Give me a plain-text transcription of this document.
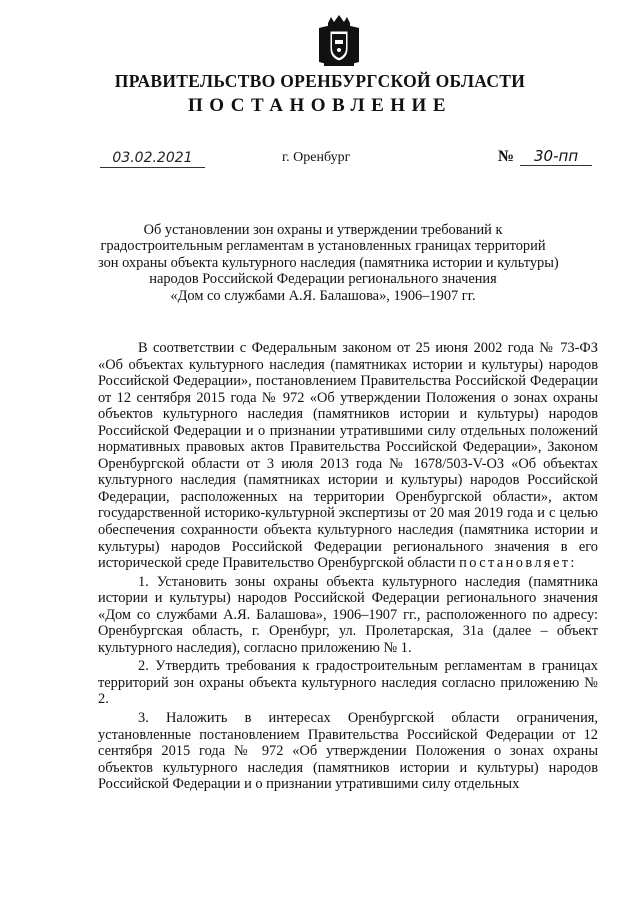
ПРАВИТЕЛЬСТВО ОРЕНБУРГСКОЙ ОБЛАСТИ
ПОСТАНОВЛЕНИЕ
03.02.2021	г. Оренбург	№ 30-пп
Об установлении зон охраны и утверждении требований к
градостроительным регламентам в установленных границах территорий
зон охраны объекта культурного наследия (памятника истории и культуры)
народов Российской Федерации регионального значения
«Дом со службами А.Я. Балашова», 1906–1907 гг.

В соответствии с Федеральным законом от 25 июня 2002 года № 73-ФЗ «Об объектах культурного наследия (памятниках истории и культуры) народов Российской Федерации», постановлением Правительства Российской Федерации от 12 сентября 2015 года № 972 «Об утверждении Положения о зонах охраны объектов культурного наследия (памятников истории и культуры) народов Российской Федерации и о признании утратившими силу отдельных положений нормативных правовых актов Правительства Российской Федерации», Законом Оренбургской области от 3 июля 2013 года № 1678/503-V-ОЗ «Об объектах культурного наследия (памятниках истории и культуры) народов Российской Федерации, расположенных на территории Оренбургской области», актом государственной историко-культурной экспертизы от 20 мая 2019 года и с целью обеспечения сохранности объекта культурного наследия (памятника истории и культуры) народов Российской Федерации регионального значения в его исторической среде Правительство Оренбургской области постановляет:

1. Установить зоны охраны объекта культурного наследия (памятника истории и культуры) народов Российской Федерации регионального значения «Дом со службами А.Я. Балашова», 1906–1907 гг., расположенного по адресу: Оренбургская область, г. Оренбург, ул. Пролетарская, 31а (далее – объект культурного наследия), согласно приложению № 1.

2. Утвердить требования к градостроительным регламентам в границах территорий зон охраны объекта культурного наследия согласно приложению № 2.

3. Наложить в интересах Оренбургской области ограничения, установленные постановлением Правительства Российской Федерации от 12 сентября 2015 года № 972 «Об утверждении Положения о зонах охраны объектов культурного наследия (памятников истории и культуры) народов Российской Федерации и о признании утратившими силу отдельных
